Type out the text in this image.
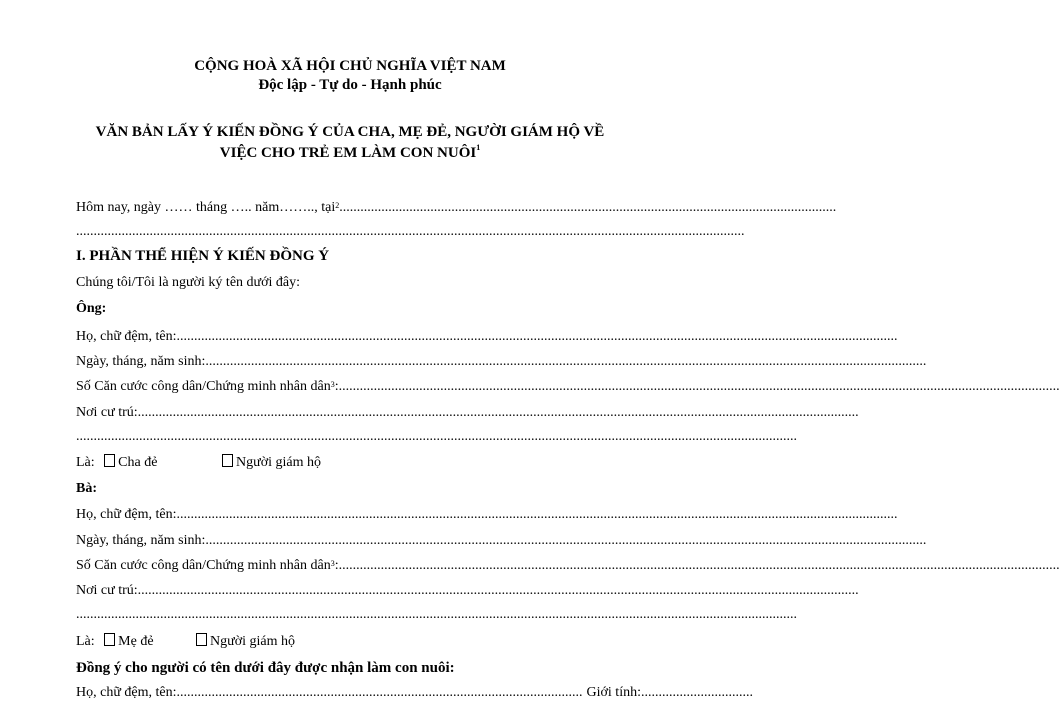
CỘNG HOÀ XÃ HỘI CHỦ NGHĨA VIỆT NAM
Độc lập - Tự do - Hạnh phúc
VĂN BẢN LẤY Ý KIẾN ĐỒNG Ý CỦA CHA, MẸ ĐẺ, NGƯỜI GIÁM HỘ VỀ
VIỆC CHO TRẺ EM LÀM CON NUÔI$^1$
Hôm nay, ngày …… tháng ….. năm…….., tại$^2$..............................................................................................................................................
...............................................................................................................................................................................................
I. PHẦN THỂ HIỆN Ý KIẾN ĐỒNG Ý
Chúng tôi/Tôi là người ký tên dưới đây:
Ông:
Họ, chữ đệm, tên:..............................................................................................................................................................................................................
Ngày, tháng, năm sinh:..............................................................................................................................................................................................................
Số Căn cước công dân/Chứng minh nhân dân$^3$:..............................................................................................................................................................................................................
Nơi cư trú:..............................................................................................................................................................................................................
..............................................................................................................................................................................................................
Là: Cha đẻ	Người giám hộ
Bà:
Họ, chữ đệm, tên:..............................................................................................................................................................................................................
Ngày, tháng, năm sinh:..............................................................................................................................................................................................................
Số Căn cước công dân/Chứng minh nhân dân$^3$:..............................................................................................................................................................................................................
Nơi cư trú:..............................................................................................................................................................................................................
..............................................................................................................................................................................................................
Là: Mẹ đẻ	Người giám hộ
Đồng ý cho người có tên dưới đây được nhận làm con nuôi:
Họ, chữ đệm, tên:.................................................................................................................... Giới tính:................................
